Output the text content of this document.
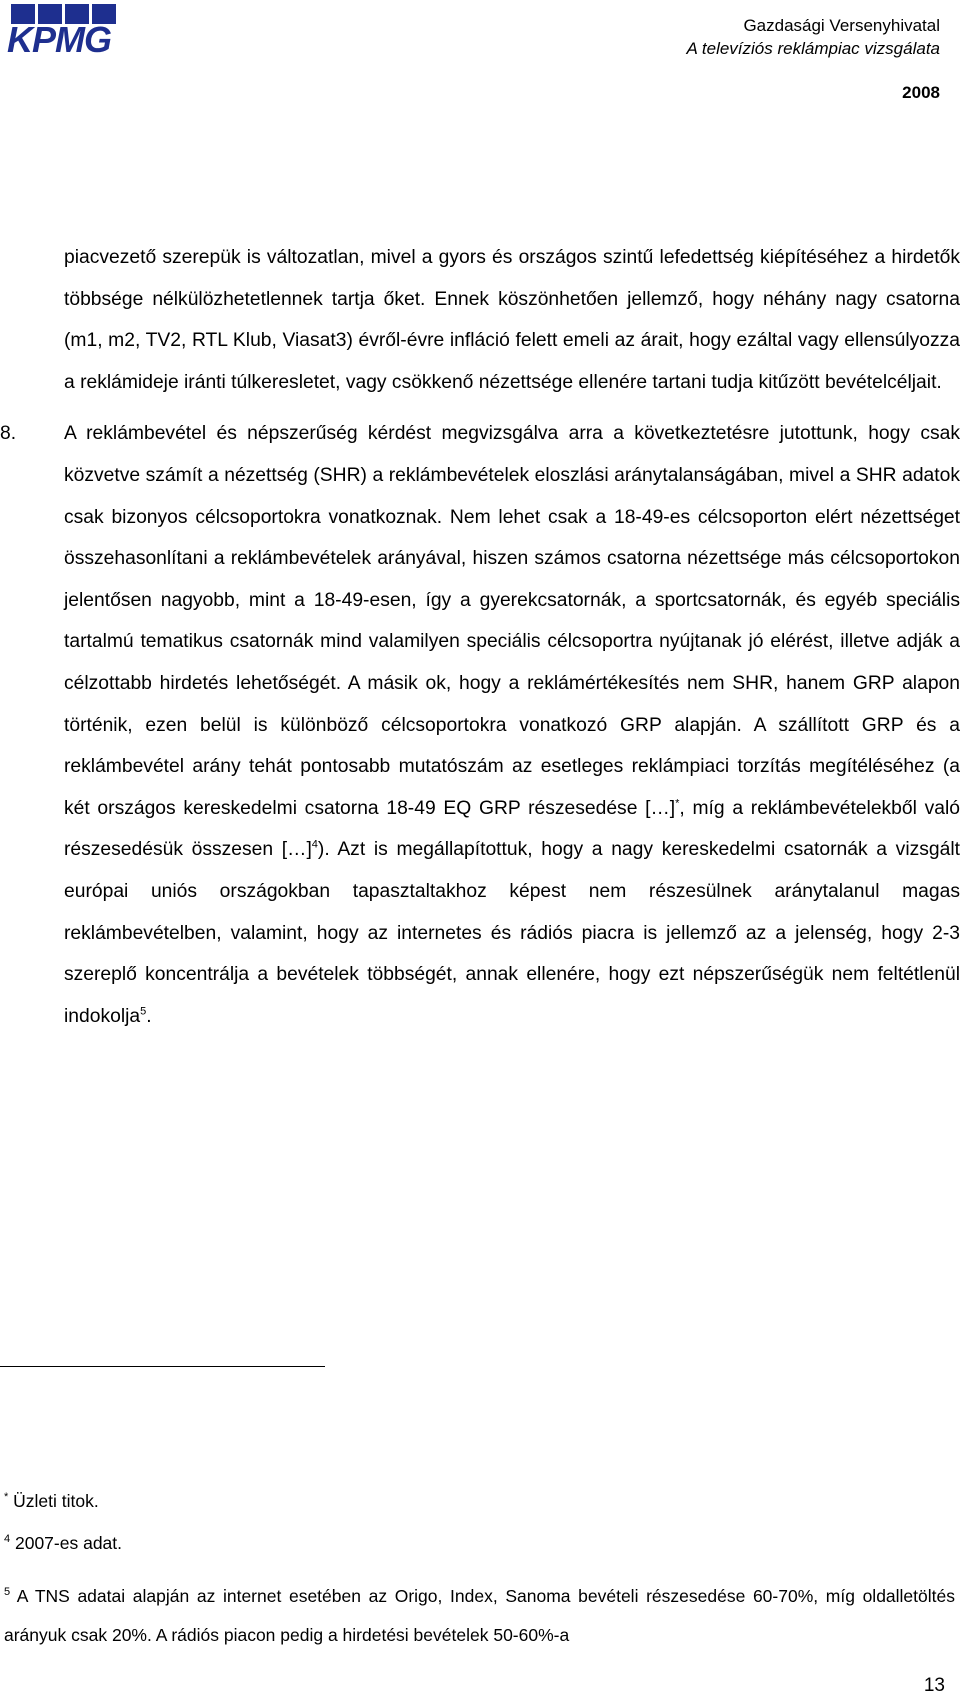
KPMG	Gazdasági Versenyhivatal
A televíziós reklámpiac vizsgálata
2008

piacvezető szerepük is változatlan, mivel a gyors és országos szintű lefedettség kiépítéséhez a hirdetők többsége nélkülözhetetlennek tartja őket. Ennek köszönhetően jellemző, hogy néhány nagy csatorna (m1, m2, TV2, RTL Klub, Viasat3) évről-évre infláció felett emeli az árait, hogy ezáltal vagy ellensúlyozza a reklámideje iránti túlkeresletet, vagy csökkenő nézettsége ellenére tartani tudja kitűzött bevételcéljait.

8. A reklámbevétel és népszerűség kérdést megvizsgálva arra a következtetésre jutottunk, hogy csak közvetve számít a nézettség (SHR) a reklámbevételek eloszlási aránytalanságában, mivel a SHR adatok csak bizonyos célcsoportokra vonatkoznak. Nem lehet csak a 18-49-es célcsoporton elért nézettséget összehasonlítani a reklámbevételek arányával, hiszen számos csatorna nézettsége más célcsoportokon jelentősen nagyobb, mint a 18-49-esen, így a gyerekcsatornák, a sportcsatornák, és egyéb speciális tartalmú tematikus csatornák mind valamilyen speciális célcsoportra nyújtanak jó elérést, illetve adják a célzottabb hirdetés lehetőségét. A másik ok, hogy a reklámértékesítés nem SHR, hanem GRP alapon történik, ezen belül is különböző célcsoportokra vonatkozó GRP alapján. A szállított GRP és a reklámbevétel arány tehát pontosabb mutatószám az esetleges reklámpiaci torzítás megítéléséhez (a két országos kereskedelmi csatorna 18-49 EQ GRP részesedése […]*, míg a reklámbevételekből való részesedésük összesen […]$^4$). Azt is megállapítottuk, hogy a nagy kereskedelmi csatornák a vizsgált európai uniós országokban tapasztaltakhoz képest nem részesülnek aránytalanul magas reklámbevételben, valamint, hogy az internetes és rádiós piacra is jellemző az a jelenség, hogy 2-3 szereplő koncentrálja a bevételek többségét, annak ellenére, hogy ezt népszerűségük nem feltétlenül indokolja$^5$.

* Üzleti titok.

$^4$ 2007-es adat.

$^5$ A TNS adatai alapján az internet esetében az Origo, Index, Sanoma bevételi részesedése 60-70%, míg oldalletöltés arányuk csak 20%. A rádiós piacon pedig a hirdetési bevételek 50-60%-a

13
